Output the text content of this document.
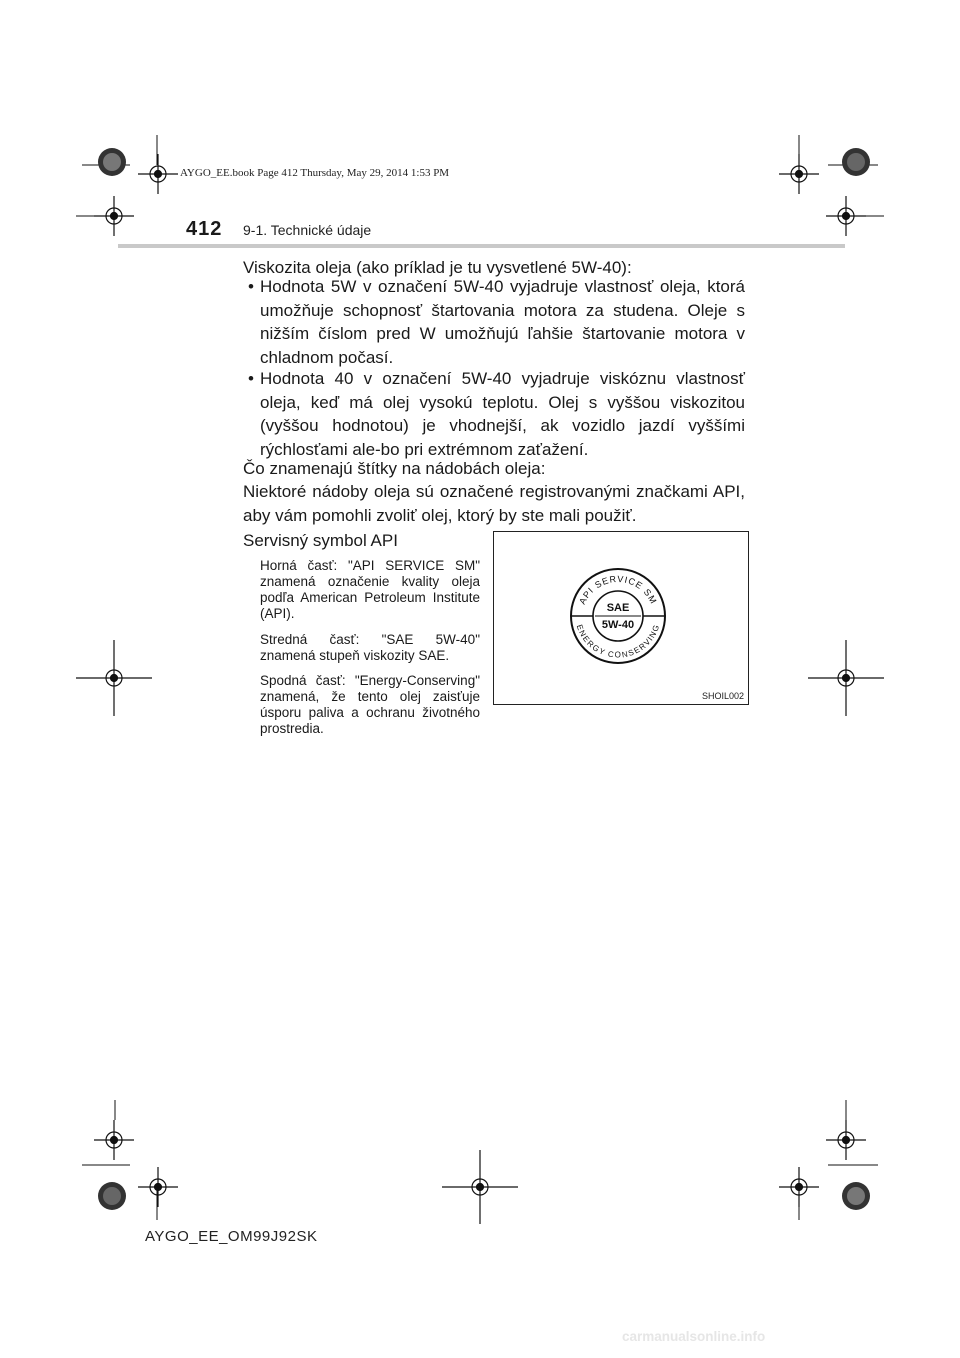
AYGO_EE.book Page 412 Thursday, May 29, 2014 1:53 PM
412 9-1. Technické údaje
Viskozita oleja (ako príklad je tu vysvetlené 5W-40):
• Hodnota 5W v označení 5W-40 vyjadruje vlastnosť oleja, ktorá umožňuje schopnosť štartovania motora za studena. Oleje s nižším číslom pred W umožňujú ľahšie štartovanie motora v chladnom počasí.
• Hodnota 40 v označení 5W-40 vyjadruje viskóznu vlastnosť oleja, keď má olej vysokú teplotu. Olej s vyššou viskozitou (vyššou hodnotou) je vhodnejší, ak vozidlo jazdí vyššími rýchlosťami ale-bo pri extrémnom zaťažení.
Čo znamenajú štítky na nádobách oleja:
Niektoré nádoby oleja sú označené registrovanými značkami API, aby vám pomohli zvoliť olej, ktorý by ste mali použiť.
Servisný symbol API
Horná časť: "API SERVICE SM" znamená označenie kvality oleja podľa American Petroleum Institute (API).
Stredná časť: "SAE 5W-40" znamená stupeň viskozity SAE.
Spodná časť: "Energy-Conserving" znamená, že tento olej zaisťuje úsporu paliva a ochranu životného prostredia.
API SERVICE SM
ENERGY CONSERVING
SAE
5W-40
SHOIL002
AYGO_EE_OM99J92SK
carmanualsonline.info
